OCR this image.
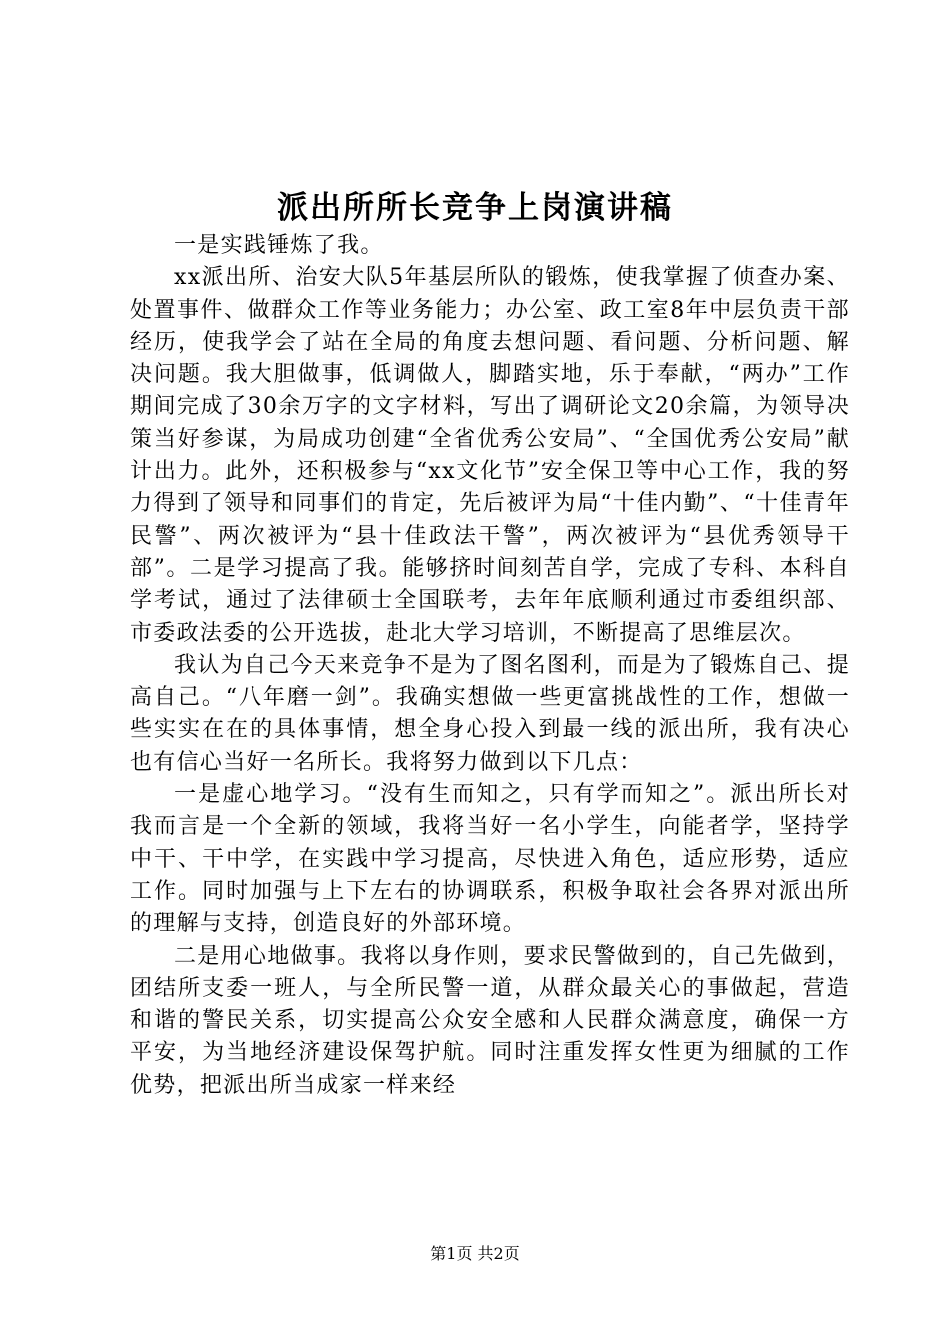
派出所所长竞争上岗演讲稿

一是实践锤炼了我。

xx派出所、治安大队5年基层所队的锻炼，使我掌握了侦查办案、处置事件、做群众工作等业务能力；办公室、政工室8年中层负责干部经历，使我学会了站在全局的角度去想问题、看问题、分析问题、解决问题。我大胆做事，低调做人，脚踏实地，乐于奉献，“两办”工作期间完成了30余万字的文字材料，写出了调研论文20余篇，为领导决策当好参谋，为局成功创建“全省优秀公安局”、“全国优秀公安局”献计出力。此外，还积极参与“xx文化节”安全保卫等中心工作，我的努力得到了领导和同事们的肯定，先后被评为局“十佳内勤”、“十佳青年民警”、两次被评为“县十佳政法干警”，两次被评为“县优秀领导干部”。二是学习提高了我。能够挤时间刻苦自学，完成了专科、本科自学考试，通过了法律硕士全国联考，去年年底顺利通过市委组织部、市委政法委的公开选拔，赴北大学习培训，不断提高了思维层次。

我认为自己今天来竞争不是为了图名图利，而是为了锻炼自己、提高自己。“八年磨一剑”。我确实想做一些更富挑战性的工作，想做一些实实在在的具体事情，想全身心投入到最一线的派出所，我有决心也有信心当好一名所长。我将努力做到以下几点：

一是虚心地学习。“没有生而知之，只有学而知之”。派出所长对我而言是一个全新的领域，我将当好一名小学生，向能者学，坚持学中干、干中学，在实践中学习提高，尽快进入角色，适应形势，适应工作。同时加强与上下左右的协调联系，积极争取社会各界对派出所的理解与支持，创造良好的外部环境。

二是用心地做事。我将以身作则，要求民警做到的，自己先做到，团结所支委一班人，与全所民警一道，从群众最关心的事做起，营造和谐的警民关系，切实提高公众安全感和人民群众满意度，确保一方平安，为当地经济建设保驾护航。同时注重发挥女性更为细腻的工作优势，把派出所当成家一样来经

第1页 共2页
